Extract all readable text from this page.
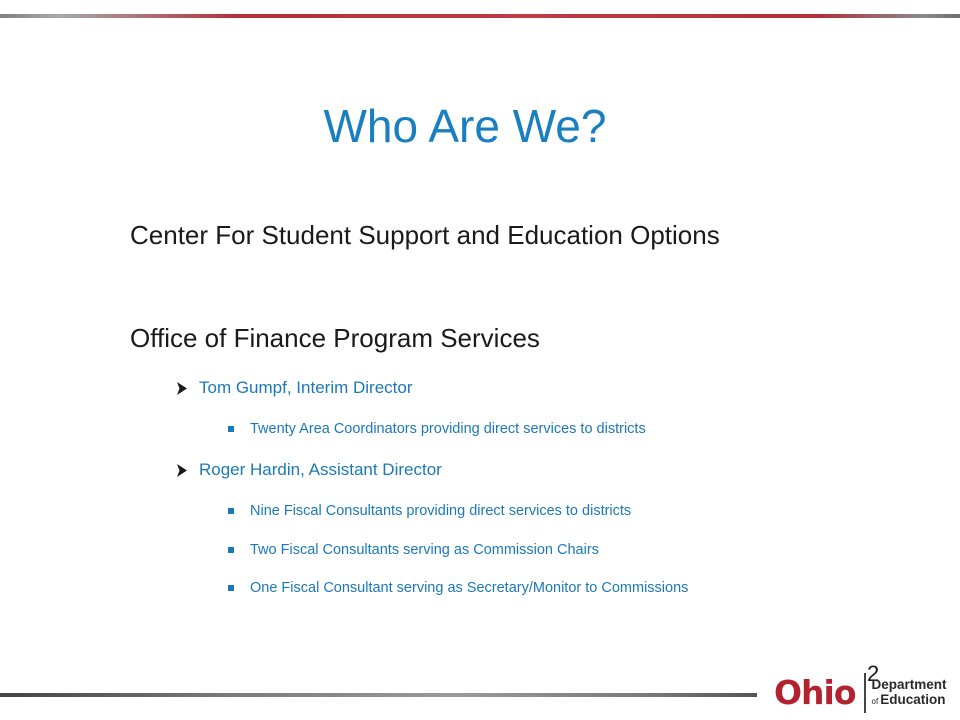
Who Are We?
Center For Student Support and Education Options
Office of Finance Program Services
Tom Gumpf, Interim Director
Twenty Area Coordinators providing direct services to districts
Roger Hardin, Assistant Director
Nine Fiscal Consultants providing direct services to districts
Two Fiscal Consultants serving as Commission Chairs
One Fiscal Consultant serving as Secretary/Monitor to Commissions
2
Ohio Department
of Education
